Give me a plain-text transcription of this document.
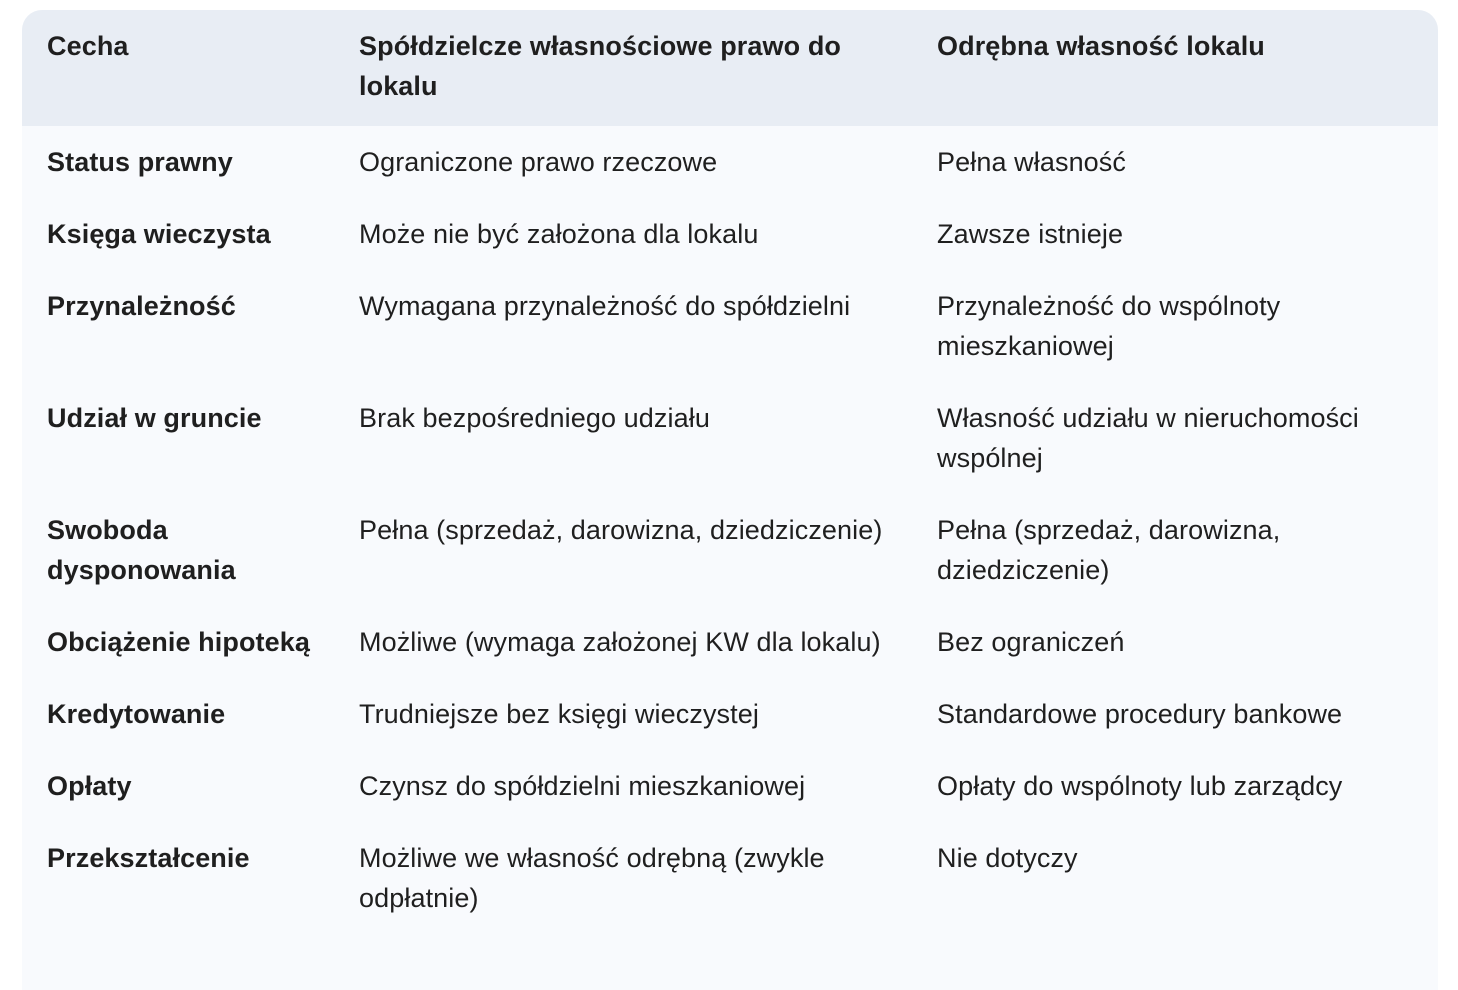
Cecha	Spółdzielcze własnościowe prawo do lokalu	Odrębna własność lokalu
Status prawny	Ograniczone prawo rzeczowe	Pełna własność
Księga wieczysta	Może nie być założona dla lokalu	Zawsze istnieje
Przynależność	Wymagana przynależność do spółdzielni	Przynależność do wspólnoty mieszkaniowej
Udział w gruncie	Brak bezpośredniego udziału	Własność udziału w nieruchomości wspólnej
Swoboda dysponowania	Pełna (sprzedaż, darowizna, dziedziczenie)	Pełna (sprzedaż, darowizna, dziedziczenie)
Obciążenie hipoteką	Możliwe (wymaga założonej KW dla lokalu)	Bez ograniczeń
Kredytowanie	Trudniejsze bez księgi wieczystej	Standardowe procedury bankowe
Opłaty	Czynsz do spółdzielni mieszkaniowej	Opłaty do wspólnoty lub zarządcy
Przekształcenie	Możliwe we własność odrębną (zwykle odpłatnie)	Nie dotyczy
